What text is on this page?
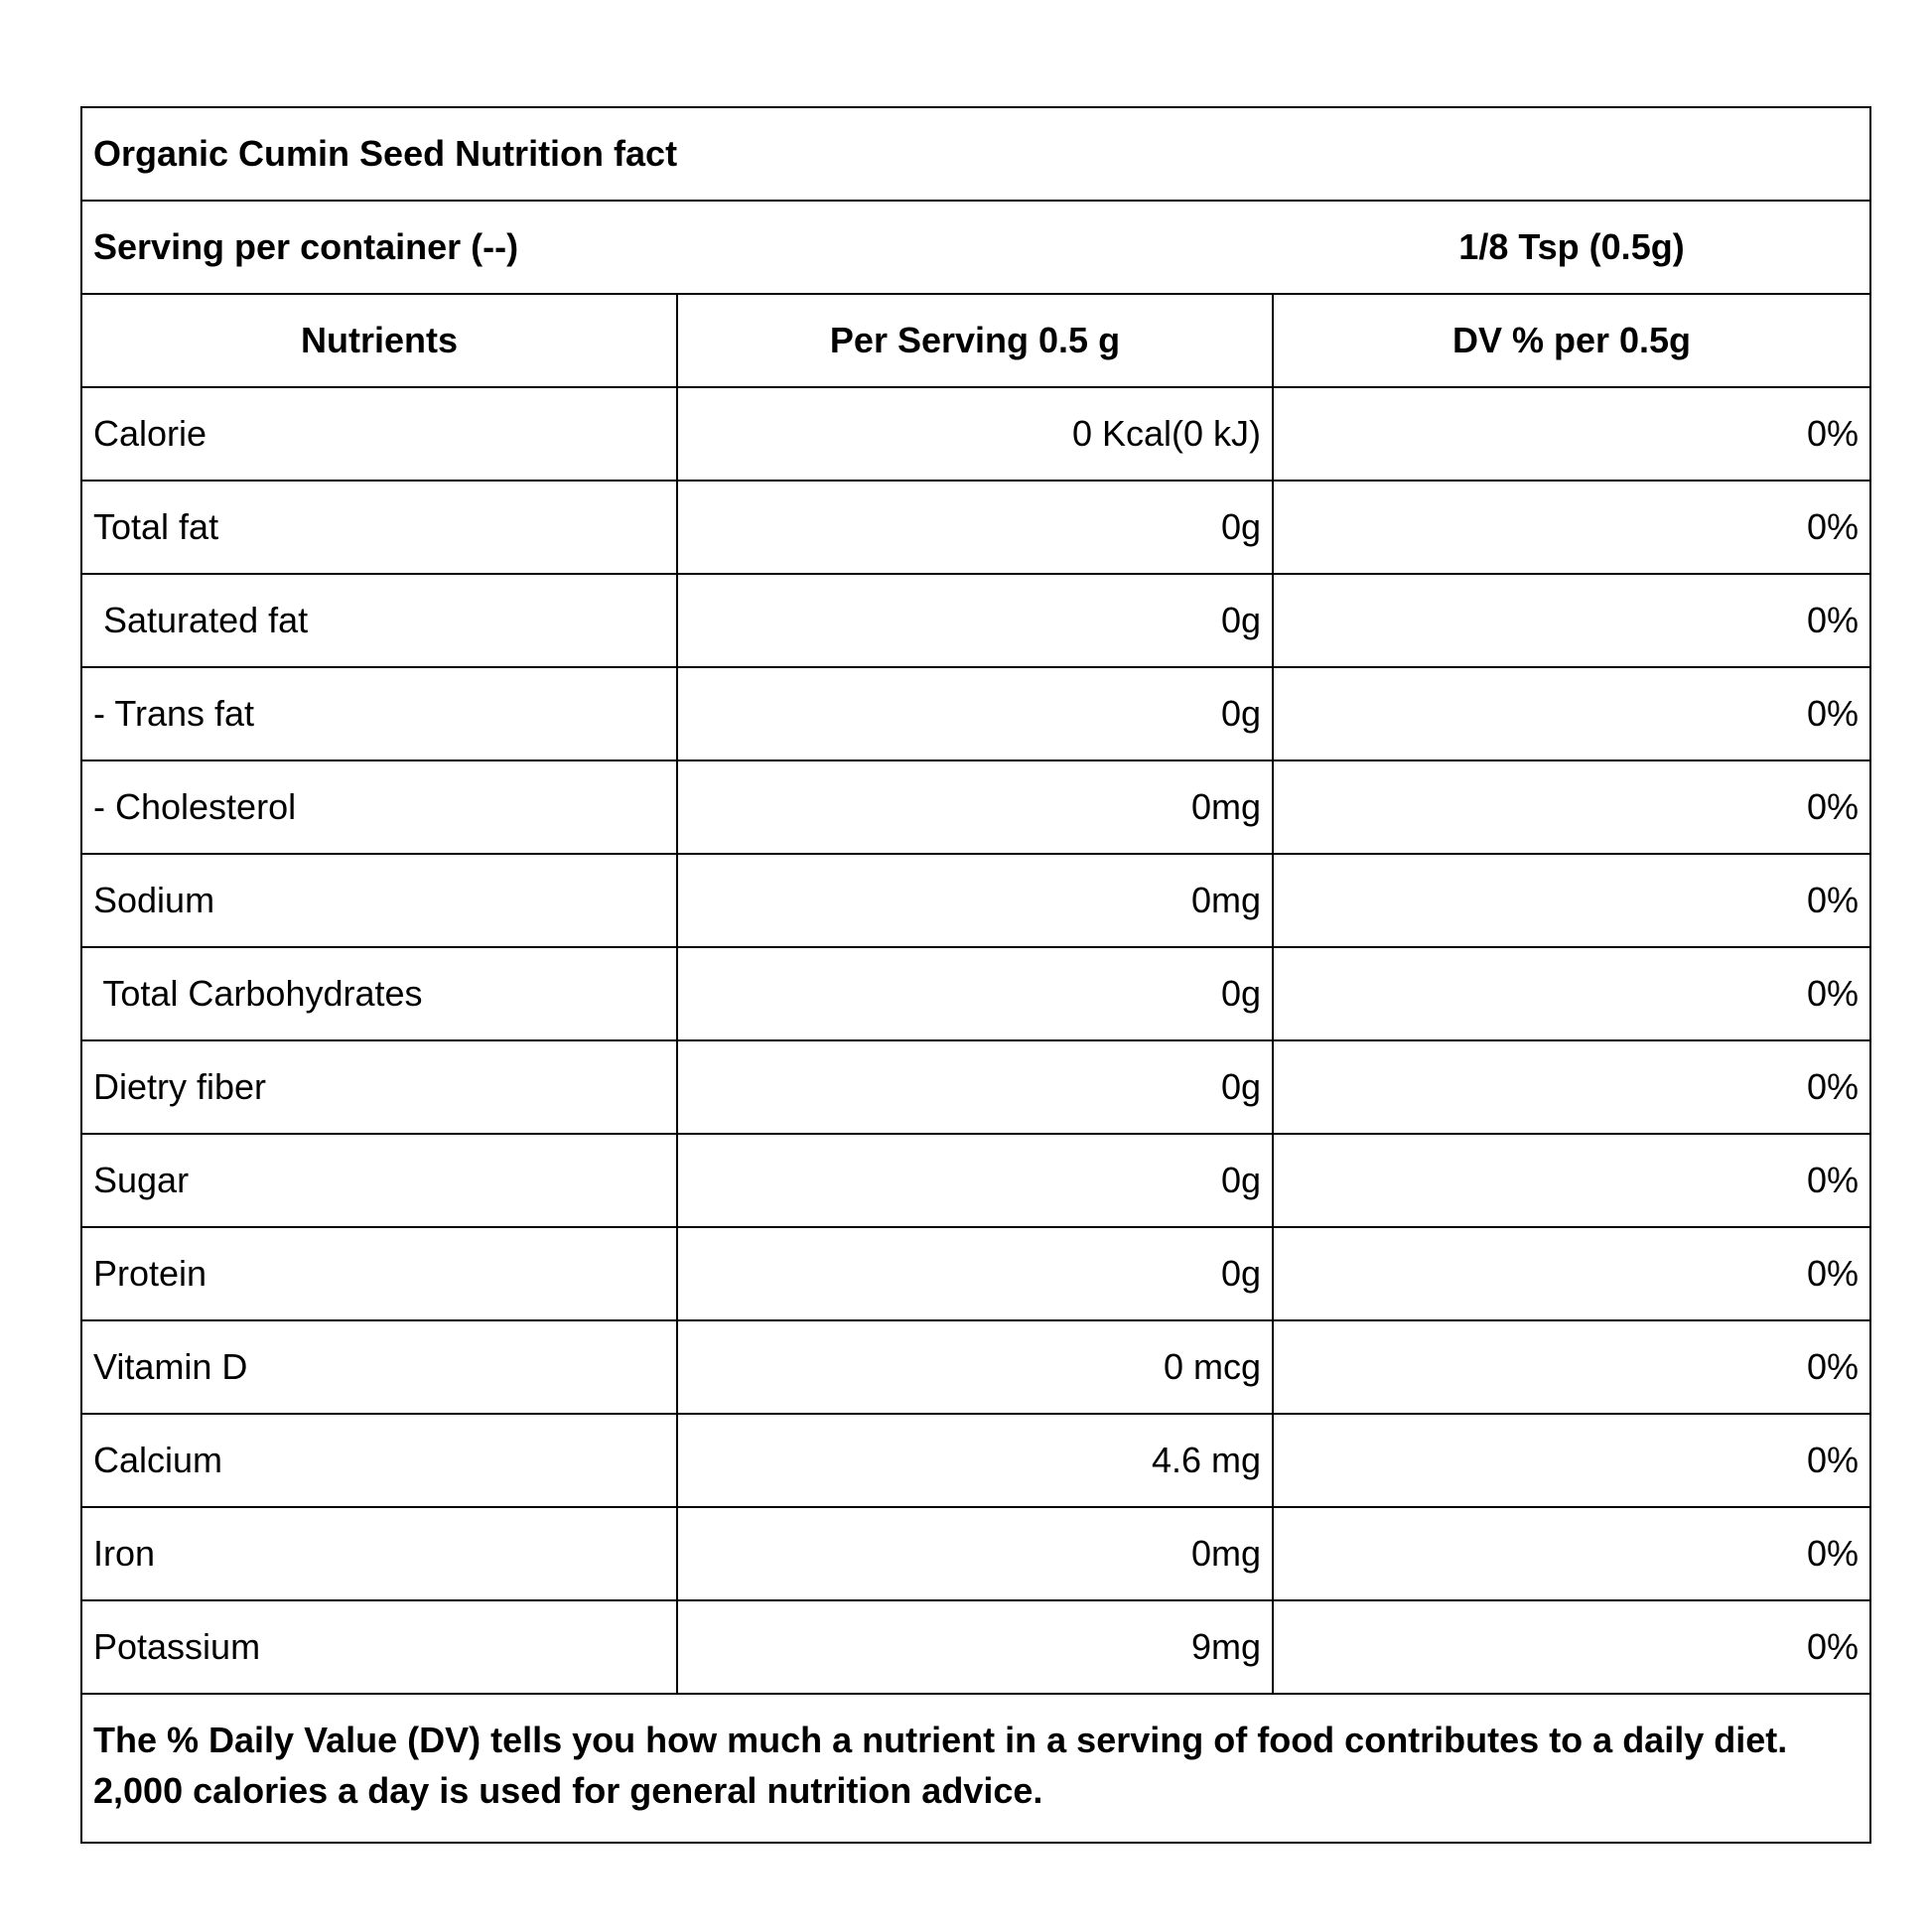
Organic Cumin Seed Nutrition fact
Serving per container (--)	1/8 Tsp (0.5g)
Nutrients	Per Serving 0.5 g	DV % per 0.5g
Calorie	0 Kcal(0 kJ)	0%
Total fat	0g	0%
Saturated fat	0g	0%
- Trans fat	0g	0%
- Cholesterol	0mg	0%
Sodium	0mg	0%
Total Carbohydrates	0g	0%
Dietry fiber	0g	0%
Sugar	0g	0%
Protein	0g	0%
Vitamin D	0 mcg	0%
Calcium	4.6 mg	0%
Iron	0mg	0%
Potassium	9mg	0%
The % Daily Value (DV) tells you how much a nutrient in a serving of food contributes to a daily diet. 2,000 calories a day is used for general nutrition advice.
